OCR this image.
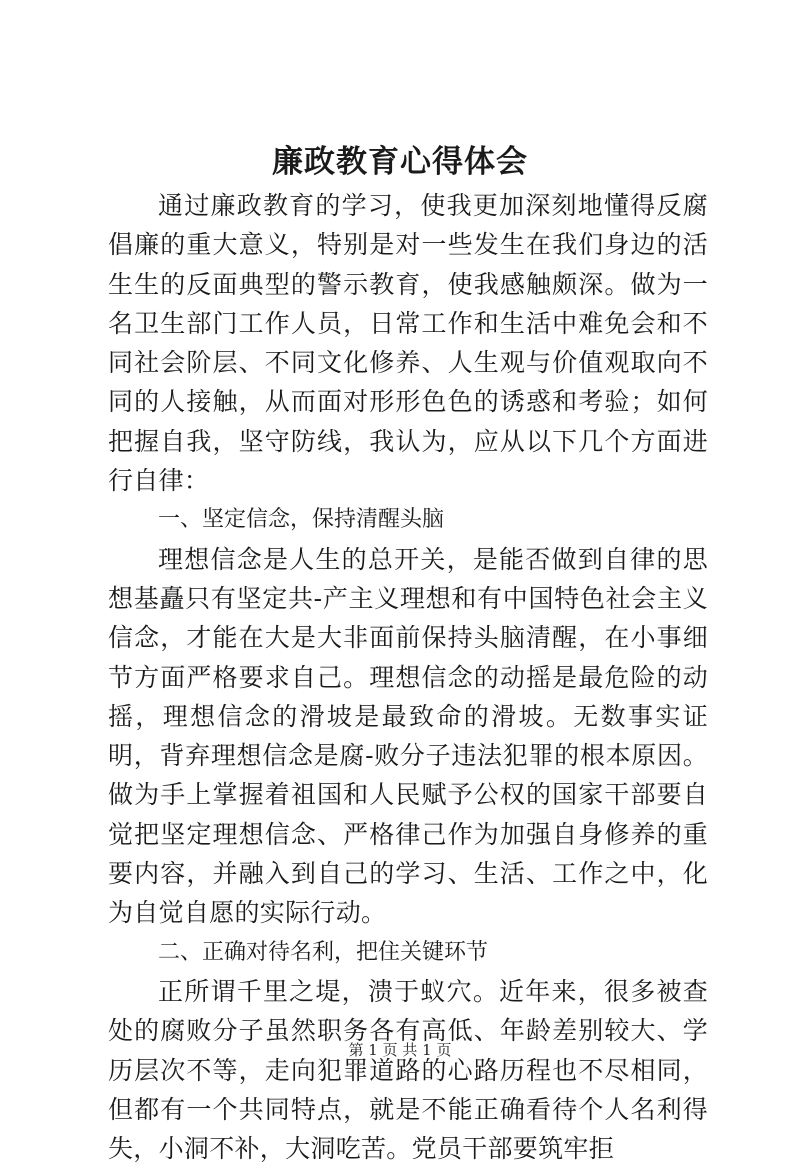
廉政教育心得体会

通过廉政教育的学习，使我更加深刻地懂得反腐倡廉的重大意义，特别是对一些发生在我们身边的活生生的反面典型的警示教育，使我感触颇深。做为一名卫生部门工作人员，日常工作和生活中难免会和不同社会阶层、不同文化修养、人生观与价值观取向不同的人接触，从而面对形形色色的诱惑和考验；如何把握自我，坚守防线，我认为，应从以下几个方面进行自律：

一、坚定信念，保持清醒头脑

理想信念是人生的总开关，是能否做到自律的思想基矗只有坚定共-产主义理想和有中国特色社会主义信念，才能在大是大非面前保持头脑清醒，在小事细节方面严格要求自己。理想信念的动摇是最危险的动摇，理想信念的滑坡是最致命的滑坡。无数事实证明，背弃理想信念是腐-败分子违法犯罪的根本原因。做为手上掌握着祖国和人民赋予公权的国家干部要自觉把坚定理想信念、严格律己作为加强自身修养的重要内容，并融入到自己的学习、生活、工作之中，化为自觉自愿的实际行动。

二、正确对待名利，把住关键环节

正所谓千里之堤，溃于蚁穴。近年来，很多被查处的腐败分子虽然职务各有高低、年龄差别较大、学历层次不等，走向犯罪道路的心路历程也不尽相同，但都有一个共同特点，就是不能正确看待个人名利得失，小洞不补，大洞吃苦。党员干部要筑牢拒

第 1 页 共 1 页
